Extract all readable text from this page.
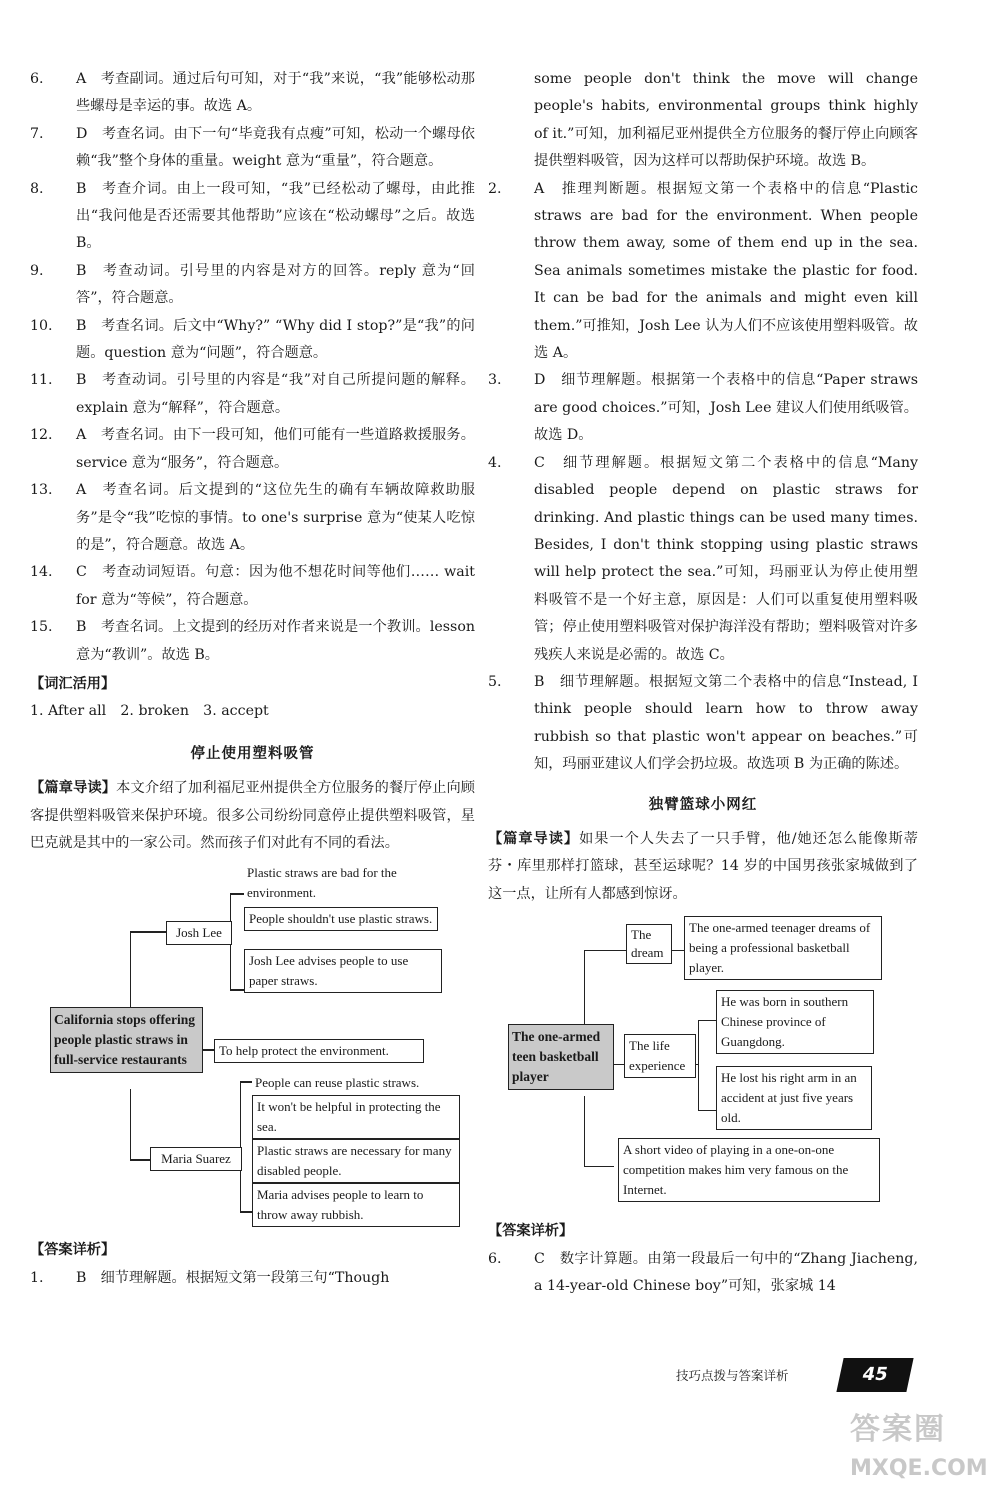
6. A　考查副词。通过后句可知，对于“我”来说，“我”能够松动那些螺母是幸运的事。故选 A。
7. D　考查名词。由下一句“毕竟我有点瘦”可知，松动一个螺母依赖“我”整个身体的重量。weight 意为“重量”，符合题意。
8. B　考查介词。由上一段可知，“我”已经松动了螺母，由此推出“我问他是否还需要其他帮助”应该在“松动螺母”之后。故选 B。
9. B　考查动词。引号里的内容是对方的回答。reply 意为“回答”，符合题意。
10. B　考查名词。后文中“Why?” “Why did I stop?”是“我”的问题。question 意为“问题”，符合题意。
11. B　考查动词。引号里的内容是“我”对自己所提问题的解释。explain 意为“解释”，符合题意。
12. A　考查名词。由下一段可知，他们可能有一些道路救援服务。service 意为“服务”，符合题意。
13. A　考查名词。后文提到的“这位先生的确有车辆故障救助服务”是令“我”吃惊的事情。to one's surprise 意为“使某人吃惊的是”，符合题意。故选 A。
14. C　考查动词短语。句意：因为他不想花时间等他们…… wait for 意为“等候”，符合题意。
15. B　考查名词。上文提到的经历对作者来说是一个教训。lesson 意为“教训”。故选 B。
【词汇活用】
1. After all　2. broken　3. accept
停止使用塑料吸管
【篇章导读】本文介绍了加利福尼亚州提供全方位服务的餐厅停止向顾客提供塑料吸管来保护环境。很多公司纷纷同意停止提供塑料吸管，星巴克就是其中的一家公司。然而孩子们对此有不同的看法。
Plastic straws are bad for the environment.
People shouldn't use plastic straws.
Josh Lee
Josh Lee advises people to use paper straws.
California stops offering people plastic straws in full-service restaurants
To help protect the environment.
People can reuse plastic straws.
It won't be helpful in protecting the sea.
Maria Suarez
Plastic straws are necessary for many disabled people.
Maria advises people to learn to throw away rubbish.
【答案详析】
1. B　细节理解题。根据短文第一段第三句“Though
some people don't think the move will change people's habits, environmental groups think highly of it.”可知，加利福尼亚州提供全方位服务的餐厅停止向顾客提供塑料吸管，因为这样可以帮助保护环境。故选 B。
2. A　推理判断题。根据短文第一个表格中的信息“Plastic straws are bad for the environment. When people throw them away, some of them end up in the sea. Sea animals sometimes mistake the plastic for food. It can be bad for the animals and might even kill them.”可推知，Josh Lee 认为人们不应该使用塑料吸管。故选 A。
3. D　细节理解题。根据第一个表格中的信息“Paper straws are good choices.”可知，Josh Lee 建议人们使用纸吸管。故选 D。
4. C　细节理解题。根据短文第二个表格中的信息“Many disabled people depend on plastic straws for drinking. And plastic things can be used many times. Besides, I don't think stopping using plastic straws will help protect the sea.”可知，玛丽亚认为停止使用塑料吸管不是一个好主意，原因是：人们可以重复使用塑料吸管；停止使用塑料吸管对保护海洋没有帮助；塑料吸管对许多残疾人来说是必需的。故选 C。
5. B　细节理解题。根据短文第二个表格中的信息“Instead, I think people should learn how to throw away rubbish so that plastic won't appear on beaches.”可知，玛丽亚建议人们学会扔垃圾。故选项 B 为正确的陈述。
独臂篮球小网红
【篇章导读】如果一个人失去了一只手臂，他/她还怎么能像斯蒂芬・库里那样打篮球，甚至运球呢？14 岁的中国男孩张家城做到了这一点，让所有人都感到惊讶。
The dream
The one-armed teenager dreams of being a professional basketball player.
The one-armed teen basketball player
The life experience
He was born in southern Chinese province of Guangdong.
He lost his right arm in an accident at just five years old.
A short video of playing in a one-on-one competition makes him very famous on the Internet.
【答案详析】
6. C　数字计算题。由第一段最后一句中的“Zhang Jiacheng, a 14-year-old Chinese boy”可知，张家城 14
技巧点拨与答案详析	45
答案圈
MXQE.COM
